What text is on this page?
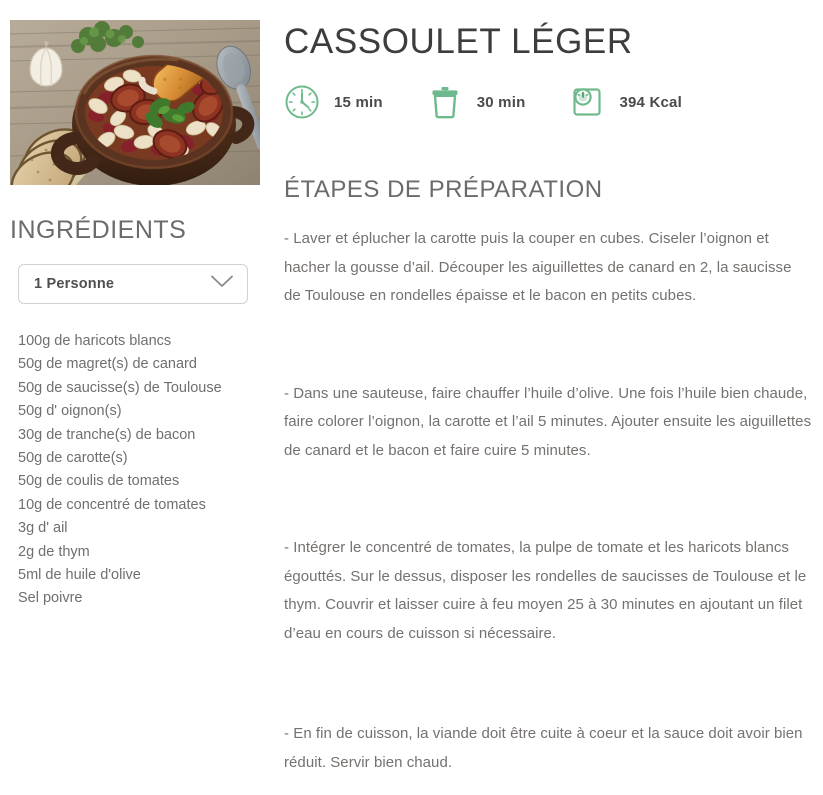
INGRÉDIENTS
1 Personne
100g de haricots blancs
50g de magret(s) de canard
50g de saucisse(s) de Toulouse
50g d' oignon(s)
30g de tranche(s) de bacon
50g de carotte(s)
50g de coulis de tomates
10g de concentré de tomates
3g d' ail
2g de thym
5ml de huile d'olive
Sel poivre
CASSOULET LÉGER
15 min	30 min	394 Kcal
ÉTAPES DE PRÉPARATION

- Laver et éplucher la carotte puis la couper en cubes. Ciseler l’oignon et hacher la gousse d’ail. Découper les aiguillettes de canard en 2, la saucisse de Toulouse en rondelles épaisse et le bacon en petits cubes.

- Dans une sauteuse, faire chauffer l’huile d’olive. Une fois l’huile bien chaude, faire colorer l’oignon, la carotte et l’ail 5 minutes. Ajouter ensuite les aiguillettes de canard et le bacon et faire cuire 5 minutes.

- Intégrer le concentré de tomates, la pulpe de tomate et les haricots blancs égouttés. Sur le dessus, disposer les rondelles de saucisses de Toulouse et le thym. Couvrir et laisser cuire à feu moyen 25 à 30 minutes en ajoutant un filet d’eau en cours de cuisson si nécessaire.

- En fin de cuisson, la viande doit être cuite à coeur et la sauce doit avoir bien réduit. Servir bien chaud.
